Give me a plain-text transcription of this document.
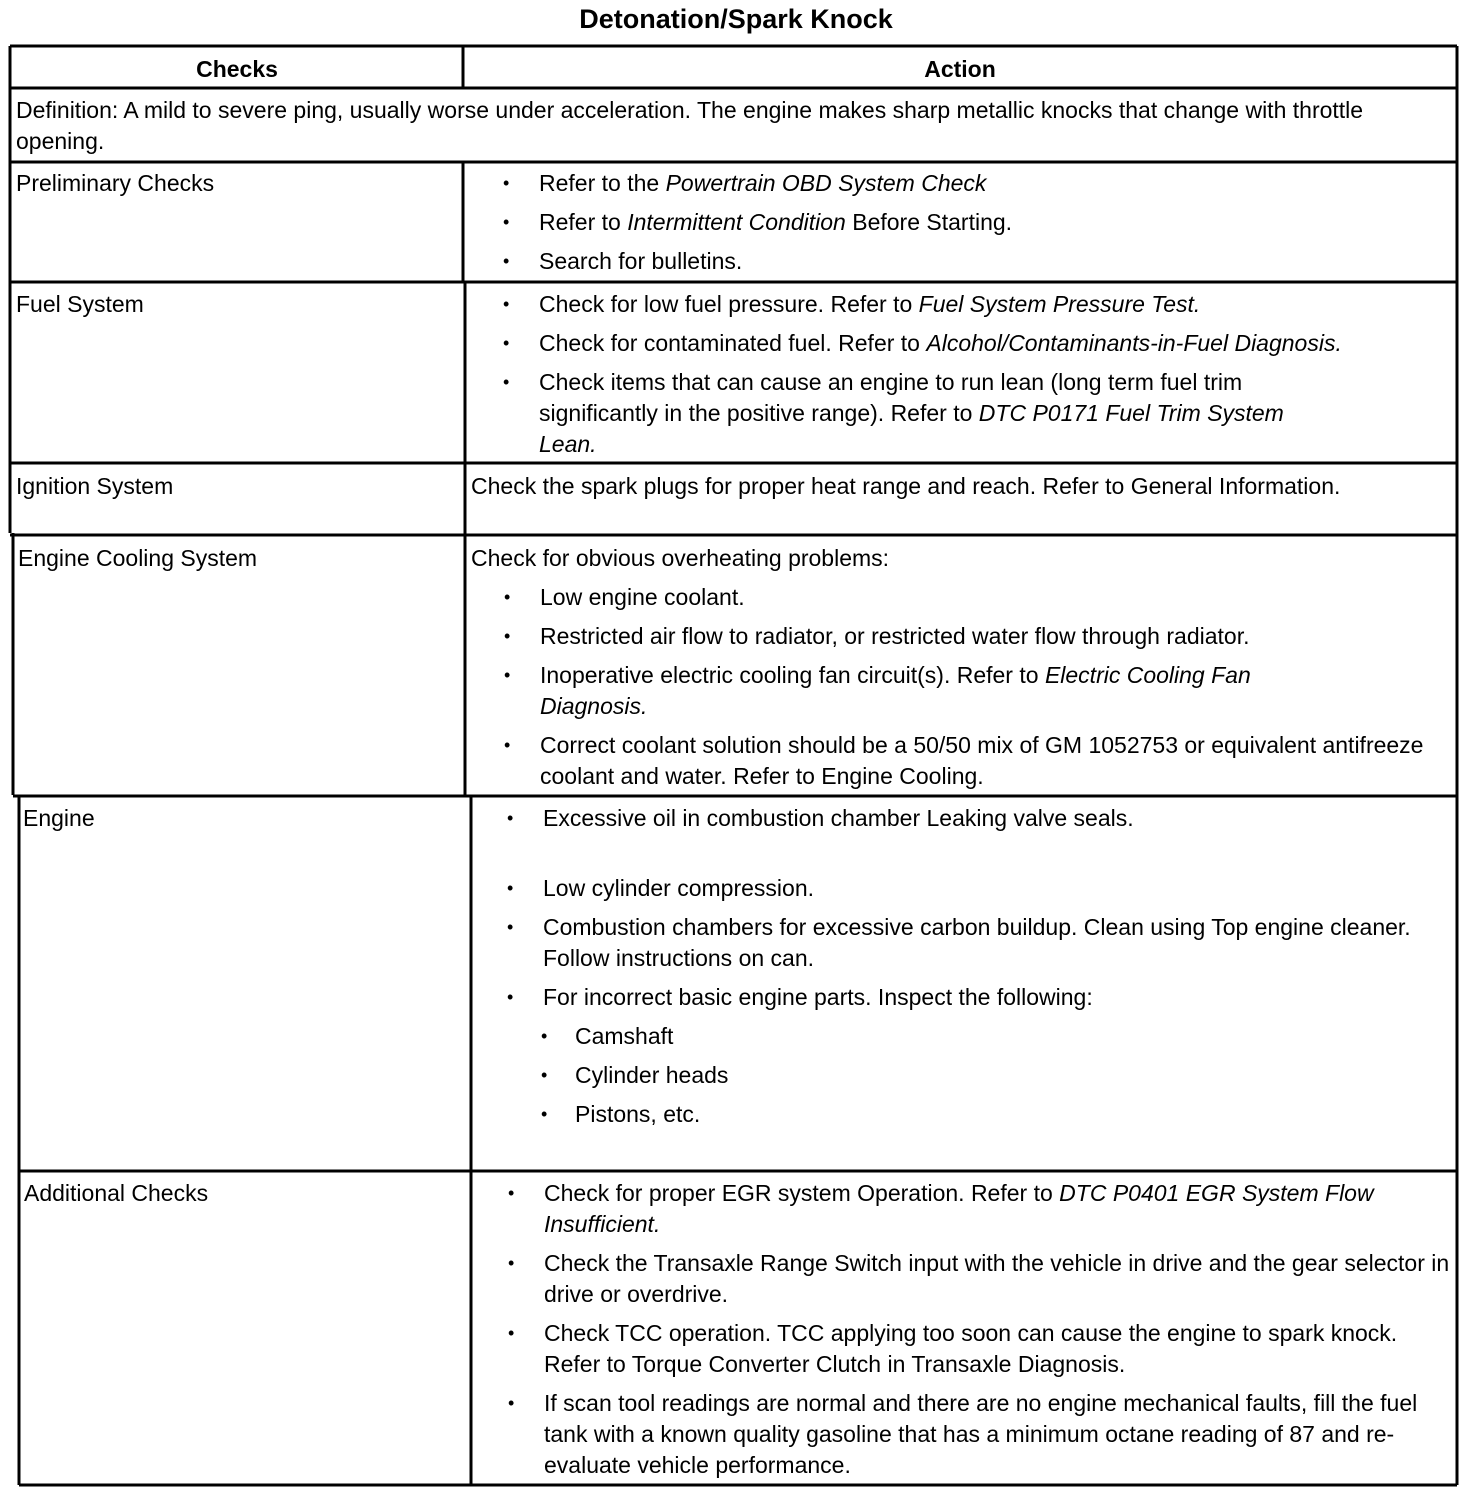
Detonation/Spark Knock
Checks	Action
Definition: A mild to severe ping, usually worse under acceleration. The engine makes sharp metallic knocks that change with throttle opening.
Preliminary Checks	• Refer to the Powertrain OBD System Check
• Refer to Intermittent Condition Before Starting.
• Search for bulletins.
Fuel System	• Check for low fuel pressure. Refer to Fuel System Pressure Test.
• Check for contaminated fuel. Refer to Alcohol/Contaminants-in-Fuel Diagnosis.
• Check items that can cause an engine to run lean (long term fuel trim significantly in the positive range). Refer to DTC P0171 Fuel Trim System Lean.
Ignition System	Check the spark plugs for proper heat range and reach. Refer to General Information.
Engine Cooling System	Check for obvious overheating problems:
• Low engine coolant.
• Restricted air flow to radiator, or restricted water flow through radiator.
• Inoperative electric cooling fan circuit(s). Refer to Electric Cooling Fan Diagnosis.
• Correct coolant solution should be a 50/50 mix of GM 1052753 or equivalent antifreeze coolant and water. Refer to Engine Cooling.
Engine	• Excessive oil in combustion chamber Leaking valve seals.
• Low cylinder compression.
• Combustion chambers for excessive carbon buildup. Clean using Top engine cleaner. Follow instructions on can.
• For incorrect basic engine parts. Inspect the following:
• Camshaft
• Cylinder heads
• Pistons, etc.
Additional Checks	• Check for proper EGR system Operation. Refer to DTC P0401 EGR System Flow Insufficient.
• Check the Transaxle Range Switch input with the vehicle in drive and the gear selector in drive or overdrive.
• Check TCC operation. TCC applying too soon can cause the engine to spark knock. Refer to Torque Converter Clutch in Transaxle Diagnosis.
• If scan tool readings are normal and there are no engine mechanical faults, fill the fuel tank with a known quality gasoline that has a minimum octane reading of 87 and re-evaluate vehicle performance.
